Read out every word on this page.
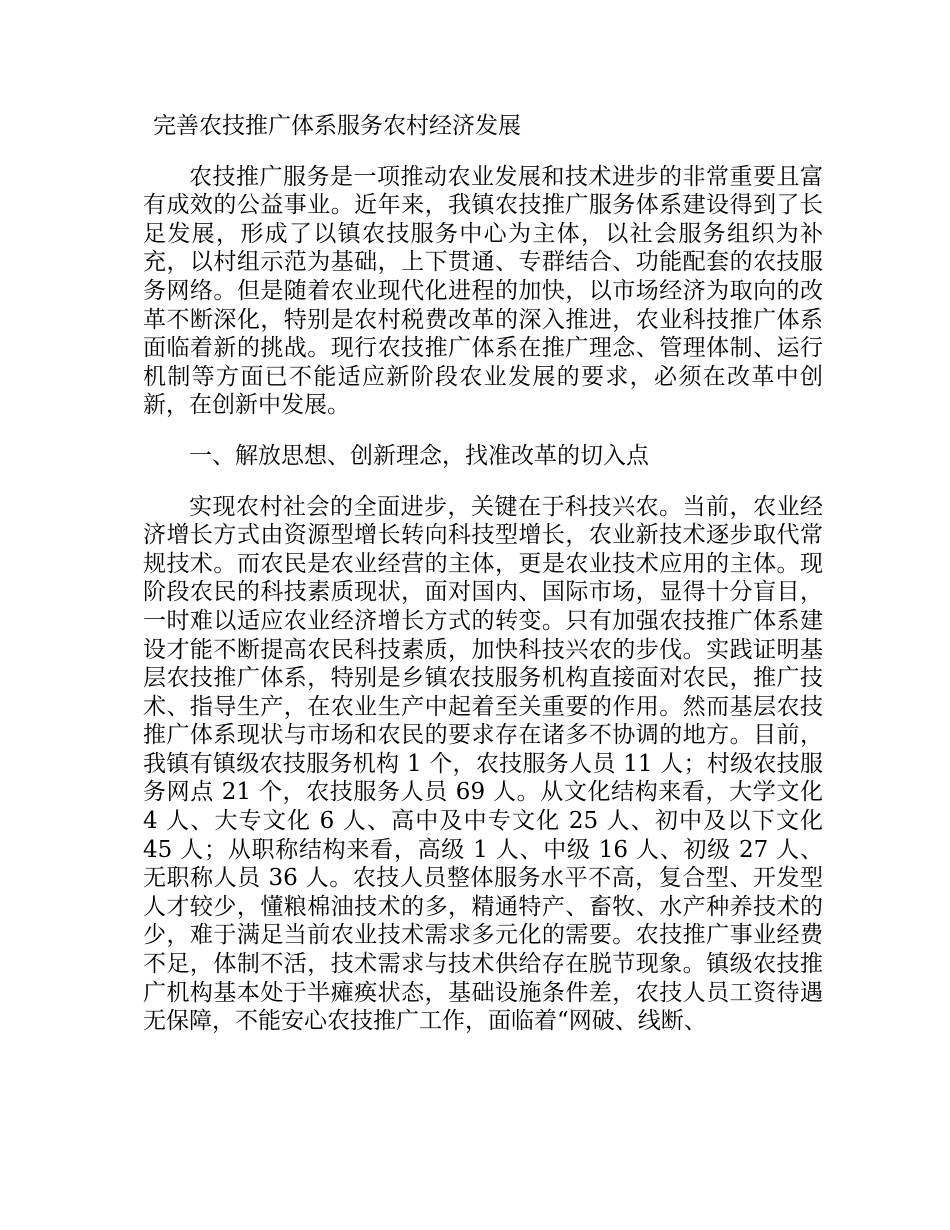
完善农技推广体系服务农村经济发展

农技推广服务是一项推动农业发展和技术进步的非常重要且富有成效的公益事业。近年来，我镇农技推广服务体系建设得到了长足发展，形成了以镇农技服务中心为主体，以社会服务组织为补充，以村组示范为基础，上下贯通、专群结合、功能配套的农技服务网络。但是随着农业现代化进程的加快，以市场经济为取向的改革不断深化，特别是农村税费改革的深入推进，农业科技推广体系面临着新的挑战。现行农技推广体系在推广理念、管理体制、运行机制等方面已不能适应新阶段农业发展的要求，必须在改革中创新，在创新中发展。

一、解放思想、创新理念，找准改革的切入点

实现农村社会的全面进步，关键在于科技兴农。当前，农业经济增长方式由资源型增长转向科技型增长，农业新技术逐步取代常规技术。而农民是农业经营的主体，更是农业技术应用的主体。现阶段农民的科技素质现状，面对国内、国际市场，显得十分盲目，一时难以适应农业经济增长方式的转变。只有加强农技推广体系建设才能不断提高农民科技素质，加快科技兴农的步伐。实践证明基层农技推广体系，特别是乡镇农技服务机构直接面对农民，推广技术、指导生产，在农业生产中起着至关重要的作用。然而基层农技推广体系现状与市场和农民的要求存在诸多不协调的地方。目前，我镇有镇级农技服务机构 1 个，农技服务人员 11 人；村级农技服务网点 21 个，农技服务人员 69 人。从文化结构来看，大学文化 4 人、大专文化 6 人、高中及中专文化 25 人、初中及以下文化 45 人；从职称结构来看，高级 1 人、中级 16 人、初级 27 人、无职称人员 36 人。农技人员整体服务水平不高，复合型、开发型人才较少，懂粮棉油技术的多，精通特产、畜牧、水产种养技术的少，难于满足当前农业技术需求多元化的需要。农技推广事业经费不足，体制不活，技术需求与技术供给存在脱节现象。镇级农技推广机构基本处于半瘫痪状态，基础设施条件差，农技人员工资待遇无保障，不能安心农技推广工作，面临着“网破、线断、
